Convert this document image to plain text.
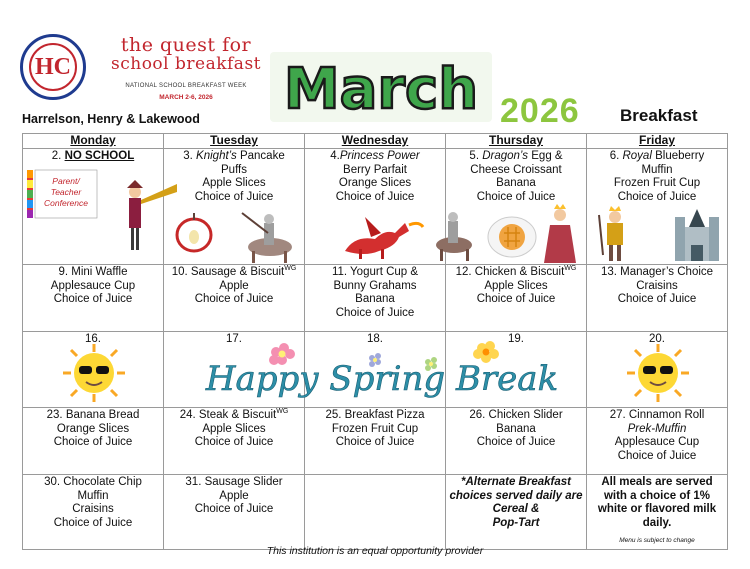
HC
the quest for
school breakfast
NATIONAL SCHOOL BREAKFAST WEEK
MARCH 2-6, 2026
Harrelson, Henry & Lakewood March 2026 Breakfast
Monday	Tuesday	Wednesday	Thursday	Friday

2. NO SCHOOL
Parent/
Teacher
Conference	3. Knight’s Pancake
Puffs
Apple Slices
Choice of Juice	4.Princess Power
Berry Parfait
Orange Slices
Choice of Juice	5. Dragon’s Egg &
Cheese Croissant
Banana
Choice of Juice	6. Royal Blueberry
Muffin
Frozen Fruit Cup
Choice of Juice

9. Mini Waffle
Applesauce Cup
Choice of Juice	10. Sausage & Biscuit$^{WG}$
Apple
Choice of Juice	11. Yogurt Cup &
Bunny Grahams
Banana
Choice of Juice	12. Chicken & Biscuit$^{WG}$
Apple Slices
Choice of Juice	13. Manager’s Choice
Craisins
Choice of Juice

16.	17.	18.	19.	20.

23. Banana Bread
Orange Slices
Choice of Juice	24. Steak & Biscuit$^{WG}$
Apple Slices
Choice of Juice	25. Breakfast Pizza
Frozen Fruit Cup
Choice of Juice	26. Chicken Slider
Banana
Choice of Juice	27. Cinnamon Roll
Prek-Muffin
Applesauce Cup
Choice of Juice

30. Chocolate Chip
Muffin
Craisins
Choice of Juice	31. Sausage Slider
Apple
Choice of Juice		*Alternate Breakfast
choices served daily are
Cereal &
Pop-Tart	All meals are served with a choice of 1% white or flavored milk daily.
Menu is subject to change
Happy Spring Break
This institution is an equal opportunity provider
